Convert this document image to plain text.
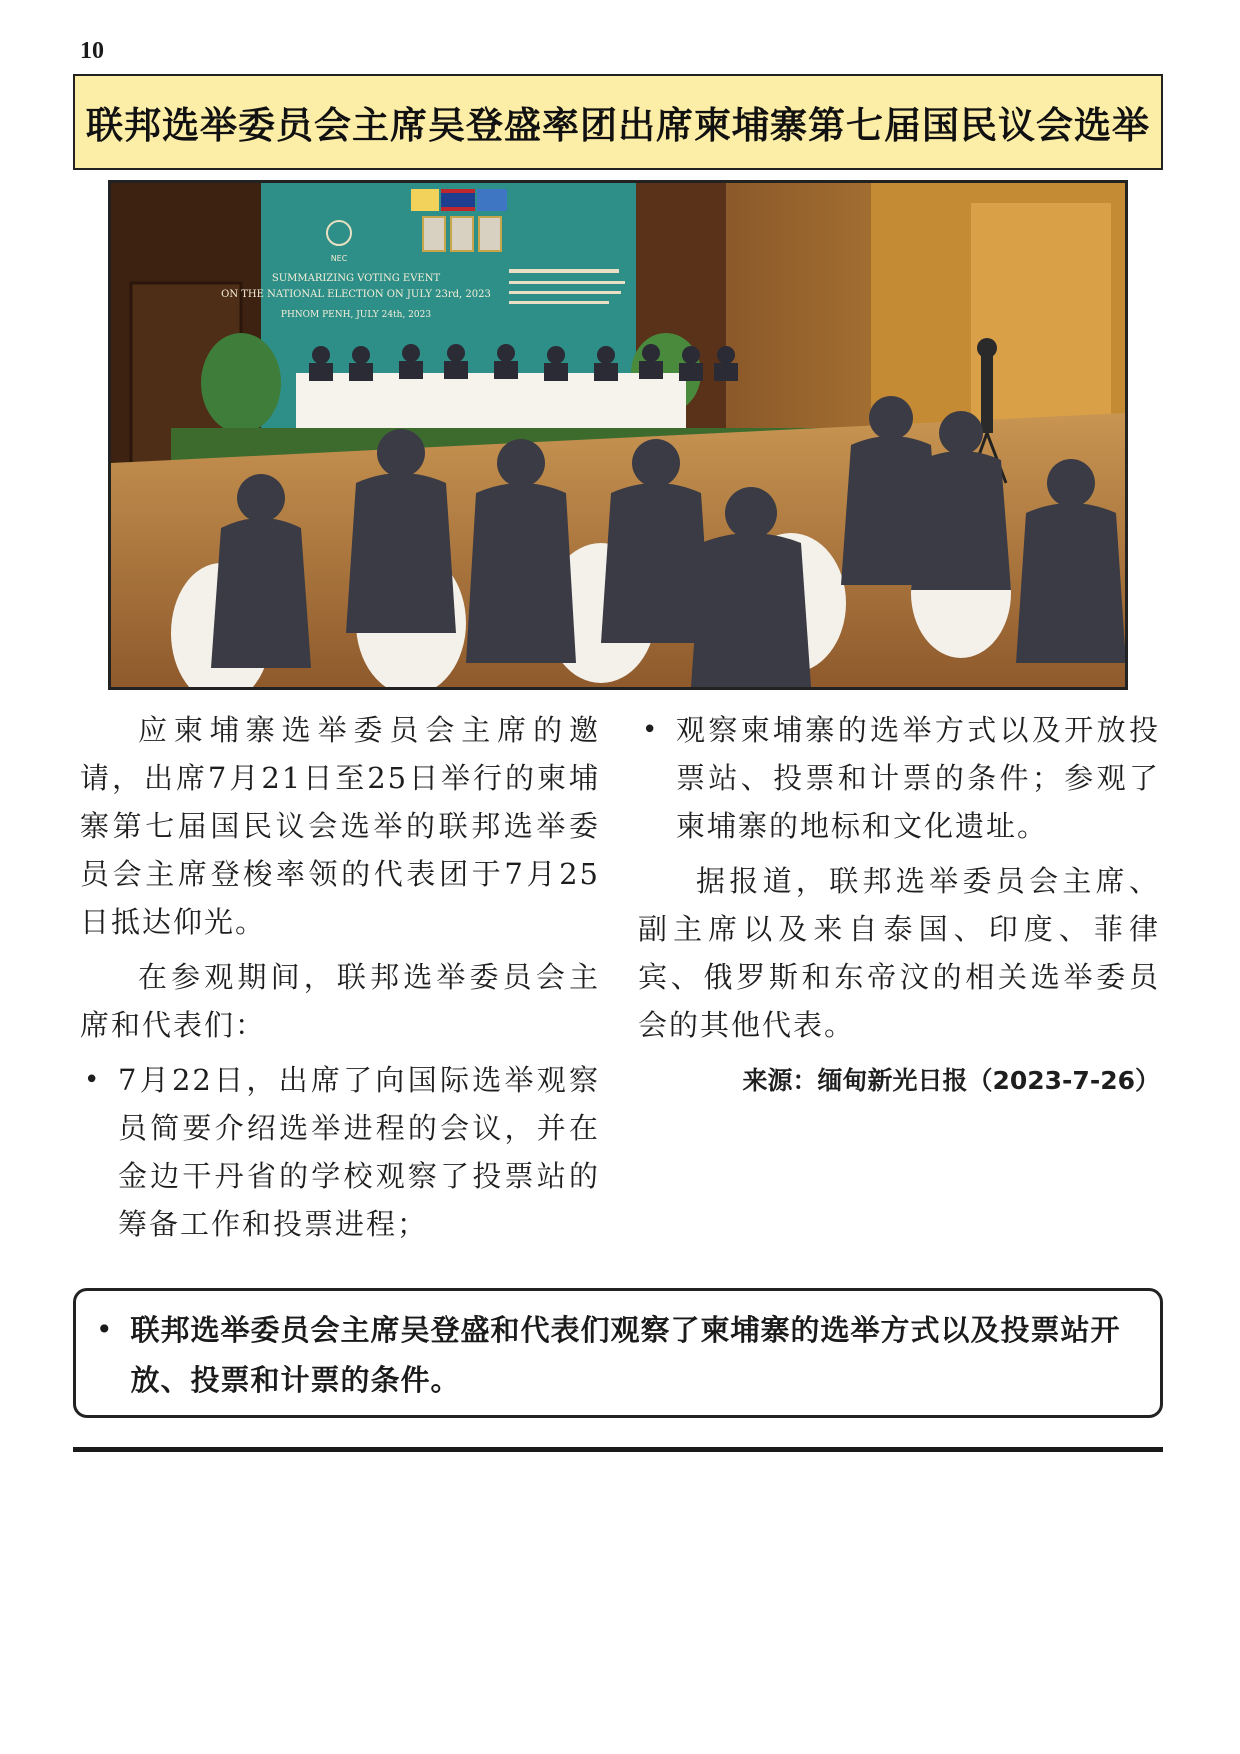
10
联邦选举委员会主席吴登盛率团出席柬埔寨第七届国民议会选举
NEC
SUMMARIZING VOTING EVENT
ON THE NATIONAL ELECTION ON JULY 23rd, 2023
PHNOM PENH, JULY 24th, 2023

应柬埔寨选举委员会主席的邀请，出席7月21日至25日举行的柬埔寨第七届国民议会选举的联邦选举委员会主席登梭率领的代表团于7月25日抵达仰光。

在参观期间，联邦选举委员会主席和代表们：

• 7月22日，出席了向国际选举观察员简要介绍选举进程的会议，并在金边干丹省的学校观察了投票站的筹备工作和投票进程；
• 观察柬埔寨的选举方式以及开放投票站、投票和计票的条件；参观了柬埔寨的地标和文化遗址。

据报道，联邦选举委员会主席、副主席以及来自泰国、印度、菲律宾、俄罗斯和东帝汶的相关选举委员会的其他代表。

来源：缅甸新光日报（2023-7-26）
• 联邦选举委员会主席吴登盛和代表们观察了柬埔寨的选举方式以及投票站开放、投票和计票的条件。
